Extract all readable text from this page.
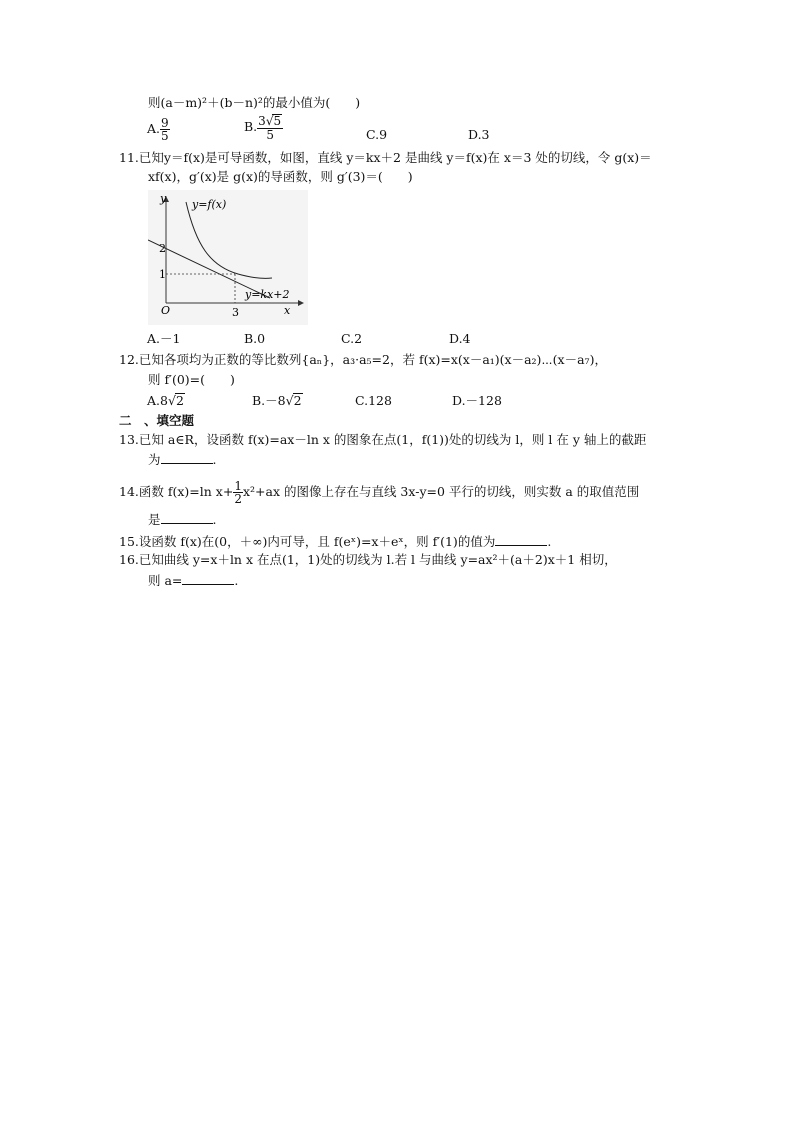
则(a－m)²＋(b－n)²的最小值为(　　)
A. $\frac{9}{5}$	B. $\frac{3√5}{5}$	C.9	D.3
11.已知y＝f(x)是可导函数，如图，直线 y＝kx＋2 是曲线 y＝f(x)在 x＝3 处的切线，令 g(x)＝
xf(x)，g′(x)是 g(x)的导函数，则 g′(3)＝(　　)
y
x
y=f(x)
y=kx+2
O
2
1
3
A.－1	B.0	C.2	D.4
12.已知各项均为正数的等比数列{aₙ}，a₃·a₅=2，若 f(x)=x(x－a₁)(x－a₂)⋯(x－a₇)，
则 f′(0)=(　　)
A.8√2	B.－8√2	C.128	D.－128
二　、填空题
13.已知 a∈R，设函数 f(x)=ax－ln x 的图象在点(1，f(1))处的切线为 l，则 l 在 y 轴上的截距
为	.
14.函数 f(x)=ln $x+ \frac{1}{2} x^2+ax$ 的图像上存在与直线 3x-y=0 平行的切线，则实数 a 的取值范围
是	.
15.设函数 f(x)在(0，＋∞)内可导，且 f(eˣ)=x＋eˣ，则 f′(1)的值为	.
16.已知曲线 y=x＋ln x 在点(1，1)处的切线为 l.若 l 与曲线 y=ax²＋(a＋2)x＋1 相切，
则 a=	.
